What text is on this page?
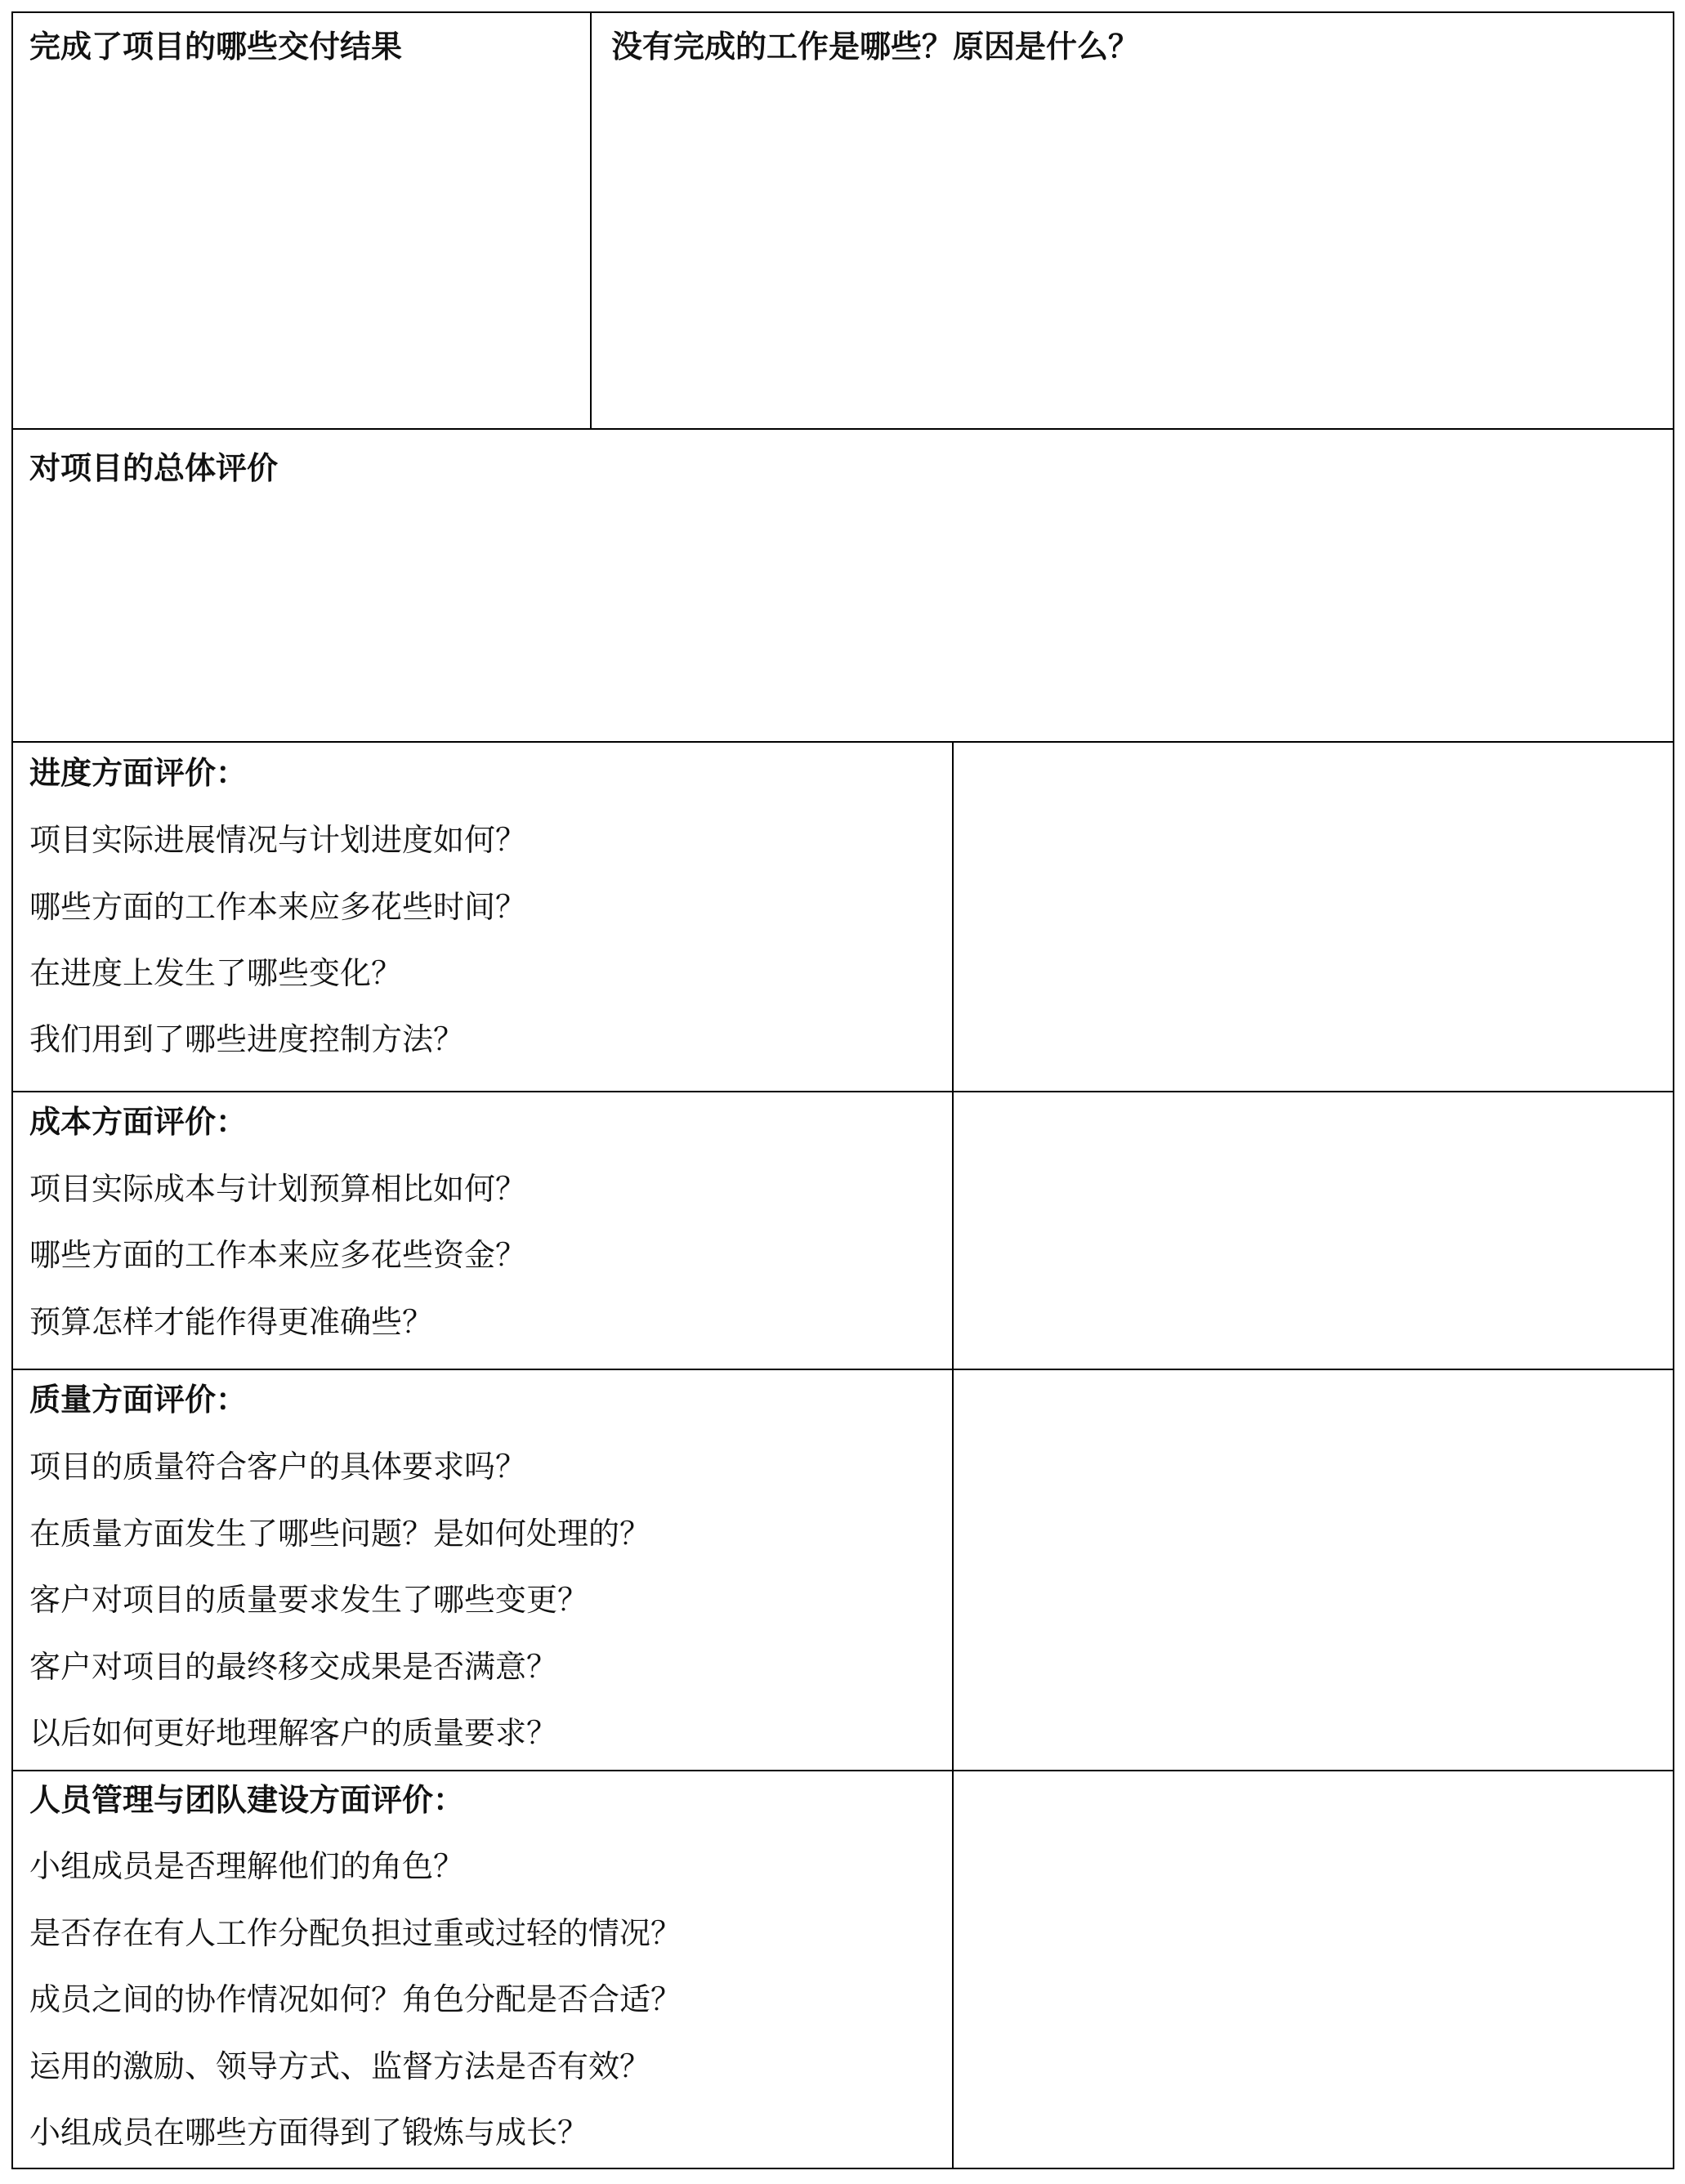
完成了项目的哪些交付结果	没有完成的工作是哪些？原因是什么？
对项目的总体评价
进度方面评价：
项目实际进展情况与计划进度如何？
哪些方面的工作本来应多花些时间？
在进度上发生了哪些变化？
我们用到了哪些进度控制方法？
成本方面评价：
项目实际成本与计划预算相比如何？
哪些方面的工作本来应多花些资金？
预算怎样才能作得更准确些？
质量方面评价：
项目的质量符合客户的具体要求吗？
在质量方面发生了哪些问题？是如何处理的？
客户对项目的质量要求发生了哪些变更？
客户对项目的最终移交成果是否满意？
以后如何更好地理解客户的质量要求？
人员管理与团队建设方面评价：
小组成员是否理解他们的角色？
是否存在有人工作分配负担过重或过轻的情况？
成员之间的协作情况如何？角色分配是否合适？
运用的激励、领导方式、监督方法是否有效？
小组成员在哪些方面得到了锻炼与成长？
